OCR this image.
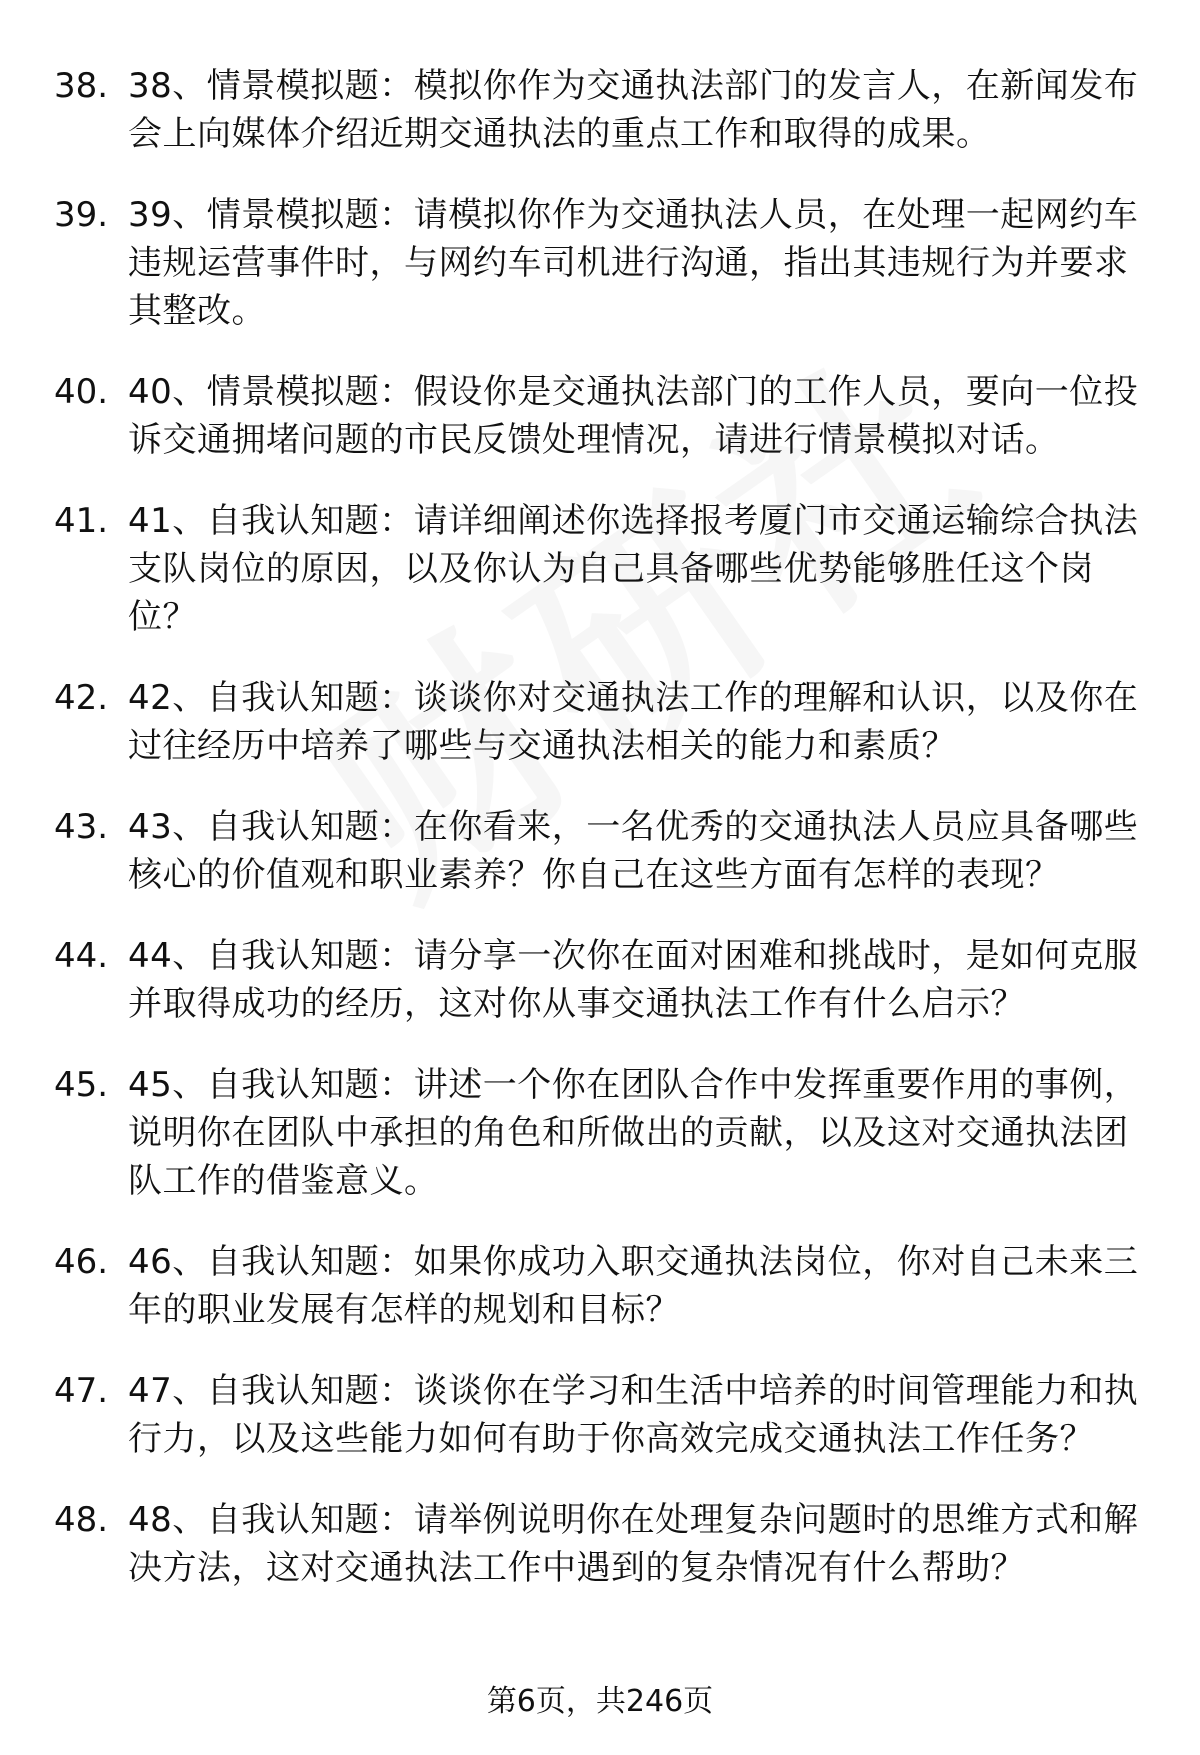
38. 38、情景模拟题：模拟你作为交通执法部门的发言人，在新闻发布会上向媒体介绍近期交通执法的重点工作和取得的成果。
39. 39、情景模拟题：请模拟你作为交通执法人员，在处理一起网约车违规运营事件时，与网约车司机进行沟通，指出其违规行为并要求其整改。
40. 40、情景模拟题：假设你是交通执法部门的工作人员，要向一位投诉交通拥堵问题的市民反馈处理情况，请进行情景模拟对话。
41. 41、自我认知题：请详细阐述你选择报考厦门市交通运输综合执法支队岗位的原因，以及你认为自己具备哪些优势能够胜任这个岗位？
42. 42、自我认知题：谈谈你对交通执法工作的理解和认识，以及你在过往经历中培养了哪些与交通执法相关的能力和素质？
43. 43、自我认知题：在你看来，一名优秀的交通执法人员应具备哪些核心的价值观和职业素养？你自己在这些方面有怎样的表现？
44. 44、自我认知题：请分享一次你在面对困难和挑战时，是如何克服并取得成功的经历，这对你从事交通执法工作有什么启示？
45. 45、自我认知题：讲述一个你在团队合作中发挥重要作用的事例，说明你在团队中承担的角色和所做出的贡献，以及这对交通执法团队工作的借鉴意义。
46. 46、自我认知题：如果你成功入职交通执法岗位，你对自己未来三年的职业发展有怎样的规划和目标？
47. 47、自我认知题：谈谈你在学习和生活中培养的时间管理能力和执行力，以及这些能力如何有助于你高效完成交通执法工作任务？
48. 48、自我认知题：请举例说明你在处理复杂问题时的思维方式和解决方法，这对交通执法工作中遇到的复杂情况有什么帮助？
第6页，共246页
